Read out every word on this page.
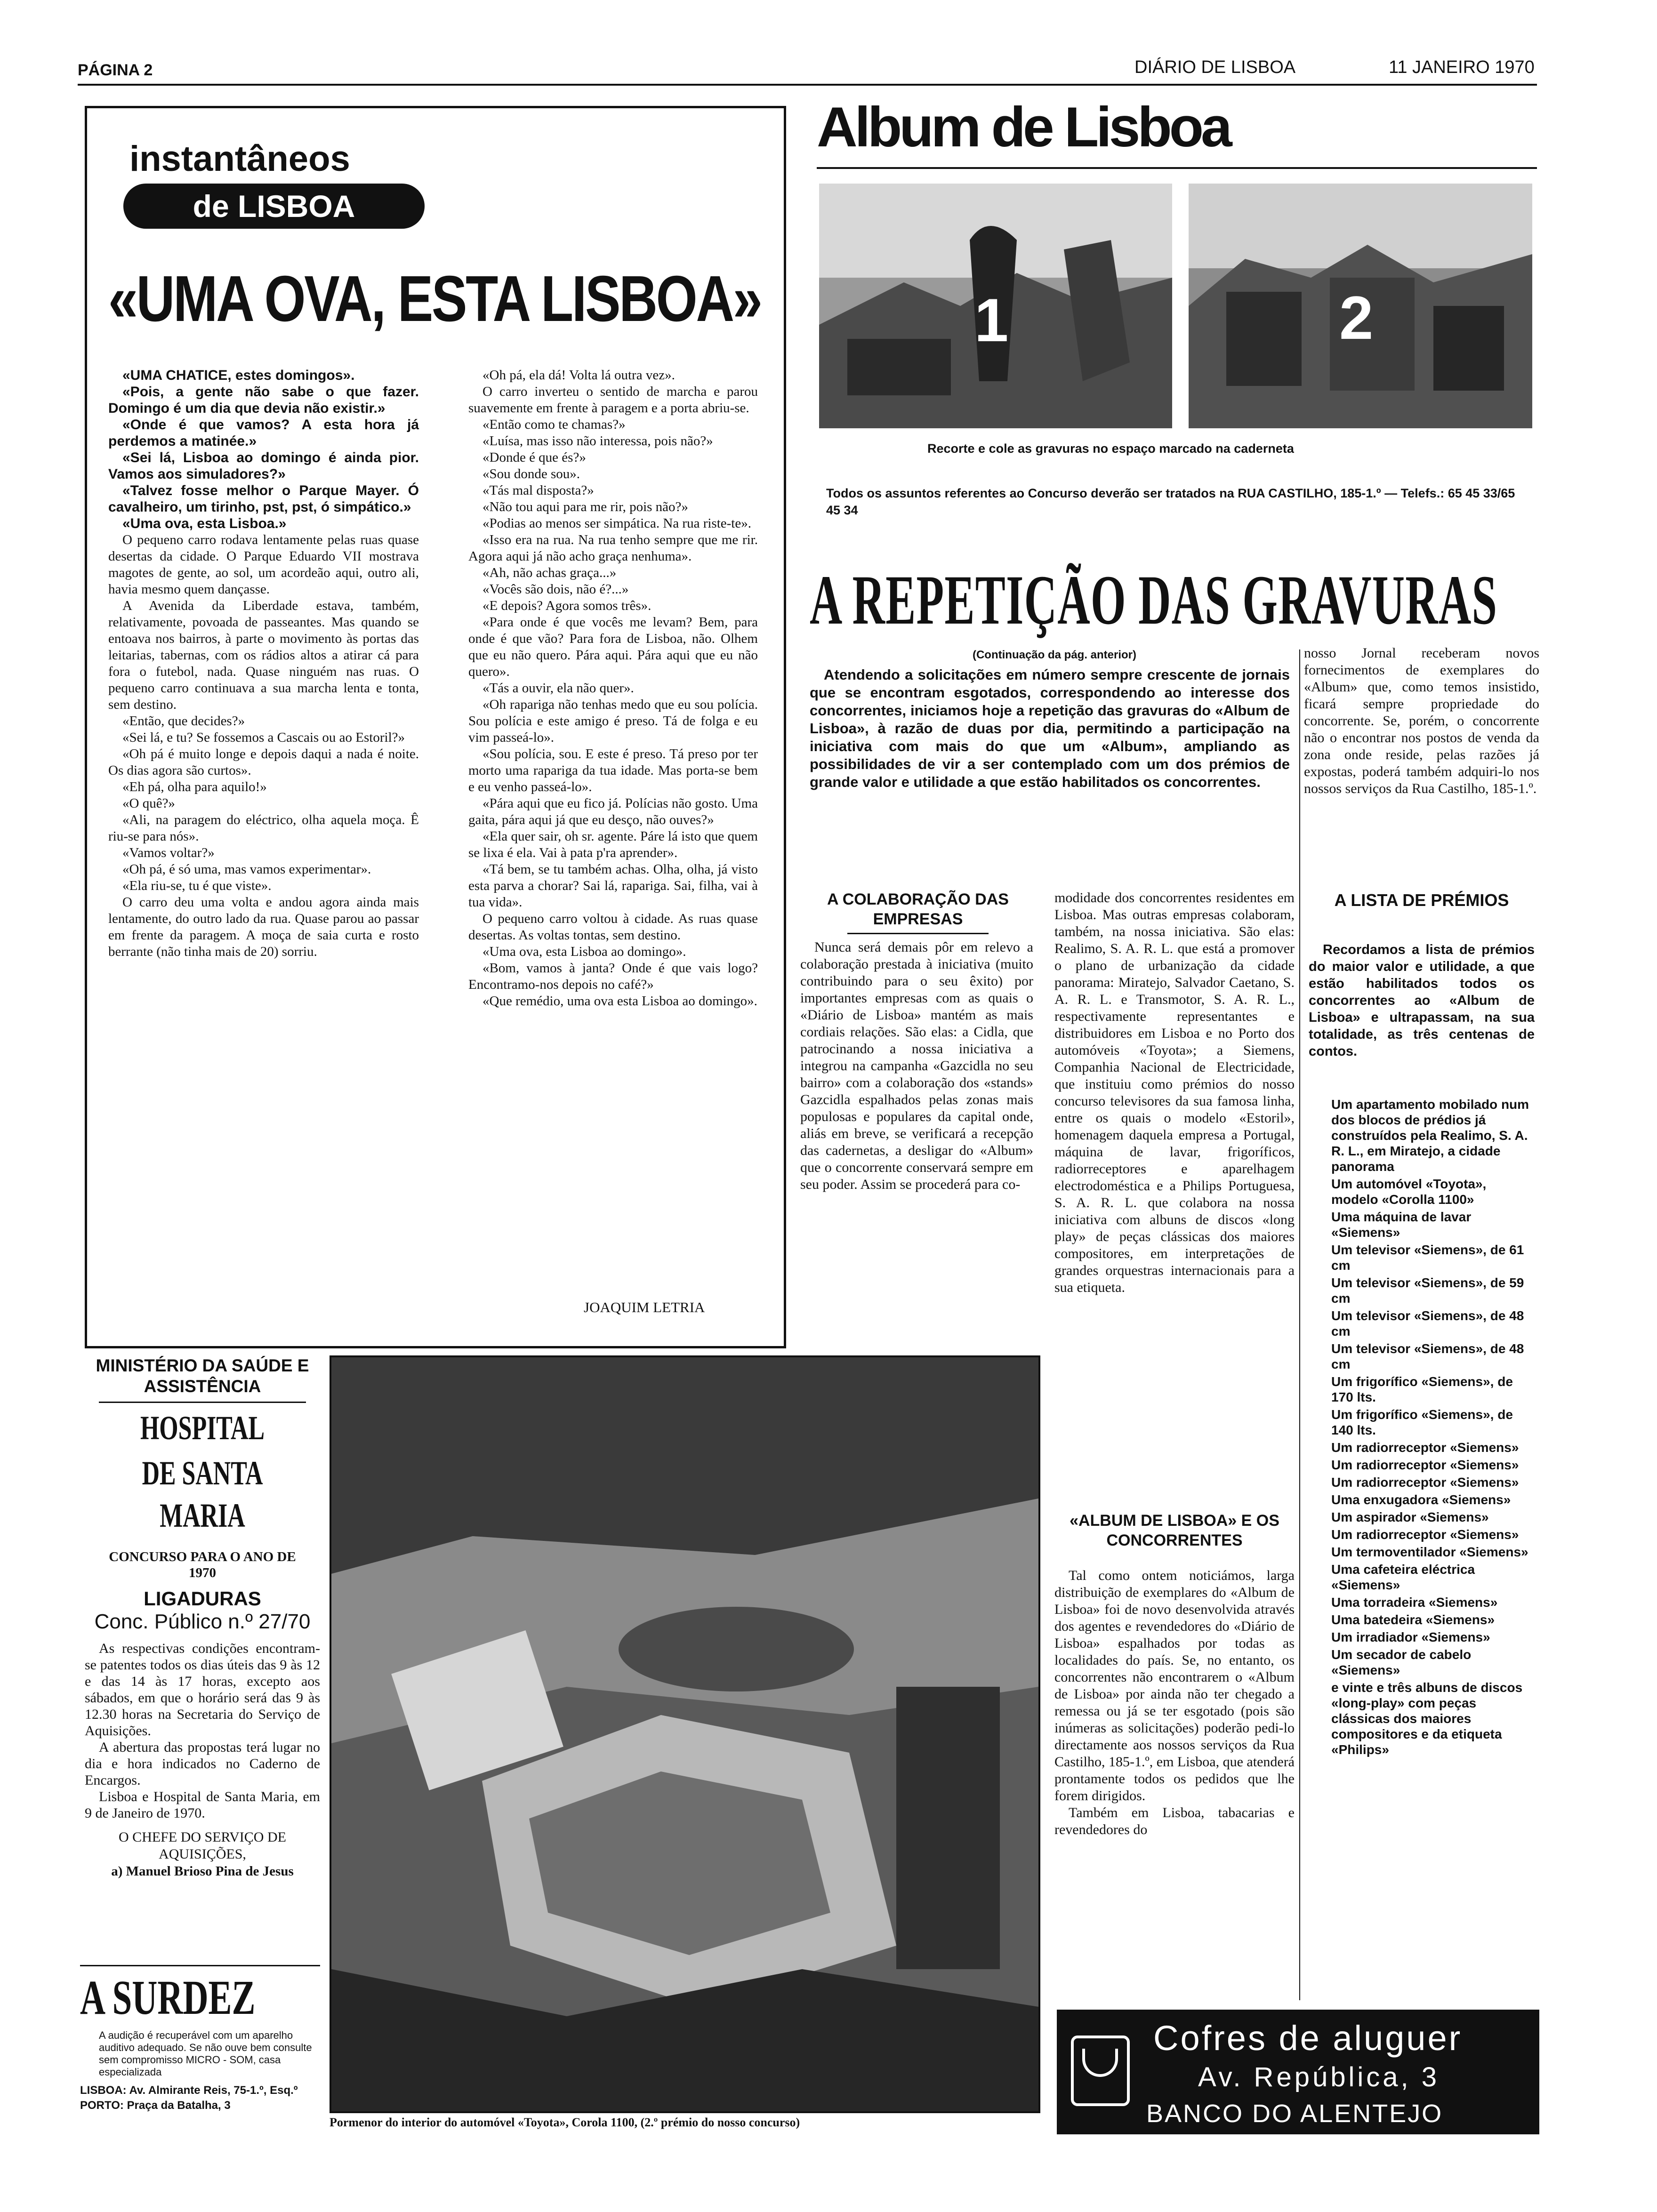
PÁGINA 2	DIÁRIO DE LISBOA	11 JANEIRO 1970
instantâneos
de LISBOA
«UMA OVA, ESTA LISBOA»

«UMA CHATICE, estes domingos».

«Pois, a gente não sabe o que fazer. Domingo é um dia que devia não existir.»

«Onde é que vamos? A esta hora já perdemos a matinée.»

«Sei lá, Lisboa ao domingo é ainda pior. Vamos aos simuladores?»

«Talvez fosse melhor o Parque Mayer. Ó cavalheiro, um tirinho, pst, pst, ó simpático.»

«Uma ova, esta Lisboa.»

O pequeno carro rodava lentamente pelas ruas quase desertas da cidade. O Parque Eduardo VII mostrava magotes de gente, ao sol, um acordeão aqui, outro ali, havia mesmo quem dançasse.

A Avenida da Liberdade estava, também, relativamente, povoada de passeantes. Mas quando se entoava nos bairros, à parte o movimento às portas das leitarias, tabernas, com os rádios altos a atirar cá para fora o futebol, nada. Quase ninguém nas ruas. O pequeno carro continuava a sua marcha lenta e tonta, sem destino.

«Então, que decides?»

«Sei lá, e tu? Se fossemos a Cascais ou ao Estoril?»

«Oh pá é muito longe e depois daqui a nada é noite. Os dias agora são curtos».

«Eh pá, olha para aquilo!»

«O quê?»

«Ali, na paragem do eléctrico, olha aquela moça. Ê riu-se para nós».

«Vamos voltar?»

«Oh pá, é só uma, mas vamos experimentar».

«Ela riu-se, tu é que viste».

O carro deu uma volta e andou agora ainda mais lentamente, do outro lado da rua. Quase parou ao passar em frente da paragem. A moça de saia curta e rosto berrante (não tinha mais de 20) sorriu.

«Oh pá, ela dá! Volta lá outra vez».

O carro inverteu o sentido de marcha e parou suavemente em frente à paragem e a porta abriu-se.

«Então como te chamas?»

«Luísa, mas isso não interessa, pois não?»

«Donde é que és?»

«Sou donde sou».

«Tás mal disposta?»

«Não tou aqui para me rir, pois não?»

«Podias ao menos ser simpática. Na rua riste-te».

«Isso era na rua. Na rua tenho sempre que me rir. Agora aqui já não acho graça nenhuma».

«Ah, não achas graça...»

«Vocês são dois, não é?...»

«E depois? Agora somos três».

«Para onde é que vocês me levam? Bem, para onde é que vão? Para fora de Lisboa, não. Olhem que eu não quero. Pára aqui. Pára aqui que eu não quero».

«Tás a ouvir, ela não quer».

«Oh rapariga não tenhas medo que eu sou polícia. Sou polícia e este amigo é preso. Tá de folga e eu vim passeá-lo».

«Sou polícia, sou. E este é preso. Tá preso por ter morto uma rapariga da tua idade. Mas porta-se bem e eu venho passeá-lo».

«Pára aqui que eu fico já. Polícias não gosto. Uma gaita, pára aqui já que eu desço, não ouves?»

«Ela quer sair, oh sr. agente. Páre lá isto que quem se lixa é ela. Vai à pata p'ra aprender».

«Tá bem, se tu também achas. Olha, olha, já visto esta parva a chorar? Sai lá, rapariga. Sai, filha, vai à tua vida».

O pequeno carro voltou à cidade. As ruas quase desertas. As voltas tontas, sem destino.

«Uma ova, esta Lisboa ao domingo».

«Bom, vamos à janta? Onde é que vais logo? Encontramo-nos depois no café?»

«Que remédio, uma ova esta Lisboa ao domingo».

JOAQUIM LETRIA
Album de Lisboa
1	2
Recorte e cole as gravuras no espaço marcado na caderneta
Todos os assuntos referentes ao Concurso deverão ser tratados na RUA CASTILHO, 185-1.º — Telefs.: 65 45 33/65 45 34
A REPETIÇÃO DAS GRAVURAS
(Continuação da pág. anterior)

Atendendo a solicitações em número sempre crescente de jornais que se encontram esgotados, correspondendo ao interesse dos concorrentes, iniciamos hoje a repetição das gravuras do «Album de Lisboa», à razão de duas por dia, permitindo a participação na iniciativa com mais do que um «Album», ampliando as possibilidades de vir a ser contemplado com um dos prémios de grande valor e utilidade a que estão habilitados os concorrentes.

nosso Jornal receberam novos fornecimentos de exemplares do «Album» que, como temos insistido, ficará sempre propriedade do concorrente. Se, porém, o concorrente não o encontrar nos postos de venda da zona onde reside, pelas razões já expostas, poderá também adquiri-lo nos nossos serviços da Rua Castilho, 185-1.º.

A COLABORAÇÃO DAS EMPRESAS

Nunca será demais pôr em relevo a colaboração prestada à iniciativa (muito contribuindo para o seu êxito) por importantes empresas com as quais o «Diário de Lisboa» mantém as mais cordiais relações. São elas: a Cidla, que patrocinando a nossa iniciativa a integrou na campanha «Gazcidla no seu bairro» com a colaboração dos «stands» Gazcidla espalhados pelas zonas mais populosas e populares da capital onde, aliás em breve, se verificará a recepção das cadernetas, a desligar do «Album» que o concorrente conservará sempre em seu poder. Assim se procederá para co-

modidade dos concorrentes residentes em Lisboa. Mas outras empresas colaboram, também, na nossa iniciativa. São elas: Realimo, S. A. R. L. que está a promover o plano de urbanização da cidade panorama: Miratejo, Salvador Caetano, S. A. R. L. e Transmotor, S. A. R. L., respectivamente representantes e distribuidores em Lisboa e no Porto dos automóveis «Toyota»; a Siemens, Companhia Nacional de Electricidade, que instituiu como prémios do nosso concurso televisores da sua famosa linha, entre os quais o modelo «Estoril», homenagem daquela empresa a Portugal, máquina de lavar, frigoríficos, radiorreceptores e aparelhagem electrodoméstica e a Philips Portuguesa, S. A. R. L. que colabora na nossa iniciativa com albuns de discos «long play» de peças clássicas dos maiores compositores, em interpretações de grandes orquestras internacionais para a sua etiqueta.

«ALBUM DE LISBOA» E OS CONCORRENTES

Tal como ontem noticiámos, larga distribuição de exemplares do «Album de Lisboa» foi de novo desenvolvida através dos agentes e revendedores do «Diário de Lisboa» espalhados por todas as localidades do país. Se, no entanto, os concorrentes não encontrarem o «Album de Lisboa» por ainda não ter chegado a remessa ou já se ter esgotado (pois são inúmeras as solicitações) poderão pedi-lo directamente aos nossos serviços da Rua Castilho, 185-1.º, em Lisboa, que atenderá prontamente todos os pedidos que lhe forem dirigidos.

Também em Lisboa, tabacarias e revendedores do

A LISTA DE PRÉMIOS

Recordamos a lista de prémios do maior valor e utilidade, a que estão habilitados todos os concorrentes ao «Album de Lisboa» e ultrapassam, na sua totalidade, as três centenas de contos.

Um apartamento mobilado num dos blocos de prédios já construídos pela Realimo, S. A. R. L., em Miratejo, a cidade panorama

Um automóvel «Toyota», modelo «Corolla 1100»

Uma máquina de lavar «Siemens»

Um televisor «Siemens», de 61 cm

Um televisor «Siemens», de 59 cm

Um televisor «Siemens», de 48 cm

Um televisor «Siemens», de 48 cm

Um frigorífico «Siemens», de 170 lts.

Um frigorífico «Siemens», de 140 lts.

Um radiorreceptor «Siemens»

Um radiorreceptor «Siemens»

Um radiorreceptor «Siemens»

Uma enxugadora «Siemens»

Um aspirador «Siemens»

Um radiorreceptor «Siemens»

Um termoventilador «Siemens»

Uma cafeteira eléctrica «Siemens»

Uma torradeira «Siemens»

Uma batedeira «Siemens»

Um irradiador «Siemens»

Um secador de cabelo «Siemens»

e vinte e três albuns de discos «long-play» com peças clássicas dos maiores compositores e da etiqueta «Philips»

MINISTÉRIO DA SAÚDE E ASSISTÊNCIA
HOSPITAL
DE SANTA MARIA
CONCURSO PARA O ANO DE 1970
LIGADURAS
Conc. Público n.º 27/70

As respectivas condições encontram-se patentes todos os dias úteis das 9 às 12 e das 14 às 17 horas, excepto aos sábados, em que o horário será das 9 às 12.30 horas na Secretaria do Serviço de Aquisições.

A abertura das propostas terá lugar no dia e hora indicados no Caderno de Encargos.

Lisboa e Hospital de Santa Maria, em 9 de Janeiro de 1970.

O CHEFE DO SERVIÇO DE AQUISIÇÕES,
a) Manuel Brioso Pina de Jesus
A SURDEZ
A audição é recuperável com um aparelho auditivo adequado. Se não ouve bem consulte sem compromisso MICRO - SOM, casa especializada
LISBOA: Av. Almirante Reis, 75-1.º, Esq.º
PORTO: Praça da Batalha, 3
Pormenor do interior do automóvel «Toyota», Corola 1100, (2.º prémio do nosso concurso)
Cofres de aluguer
Av. República, 3
BANCO DO ALENTEJO
